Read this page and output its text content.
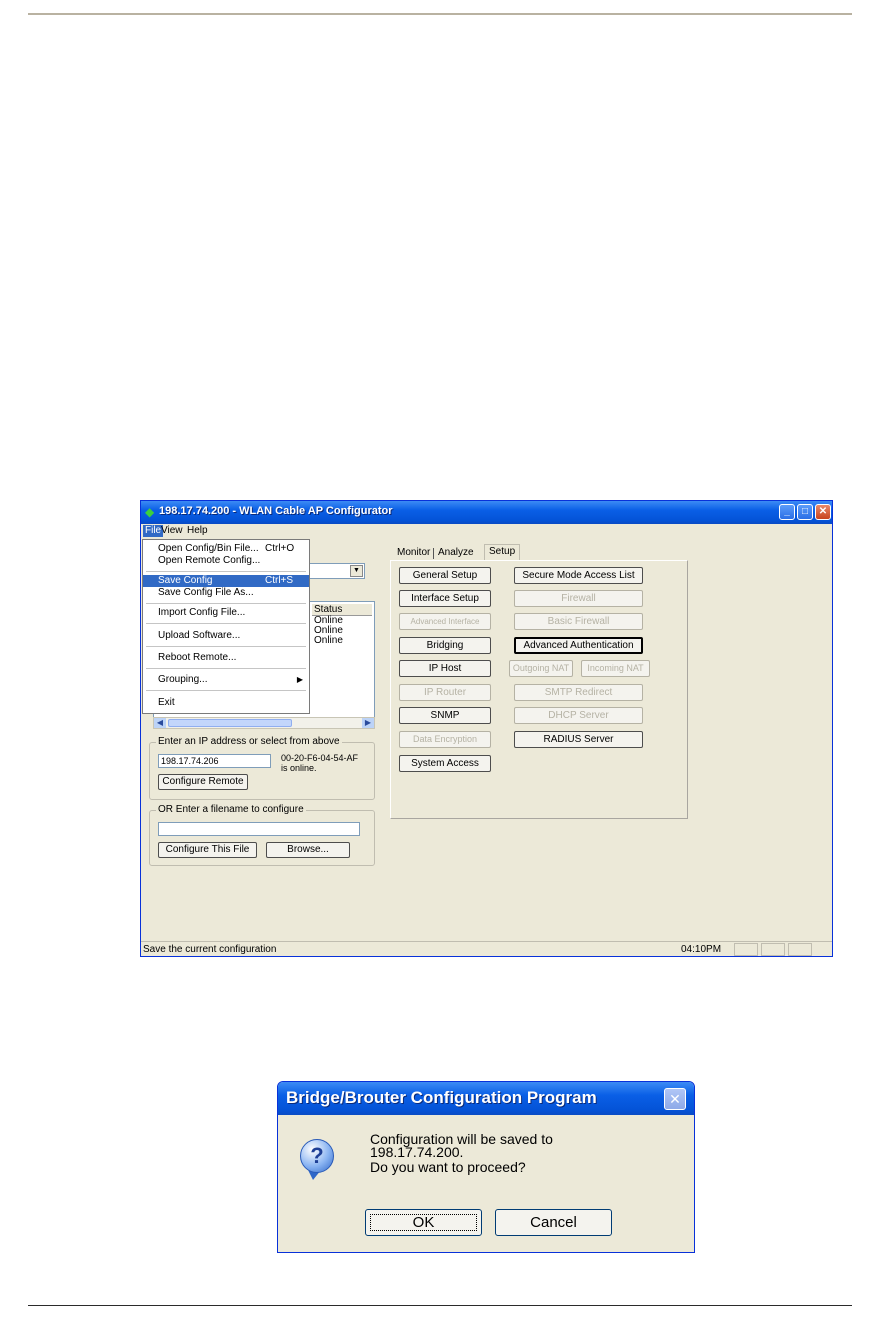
◆ 198.17.74.200 - WLAN Cable AP Configurator	_	□	✕
File View Help
▼
Status
Online
Online
Online
◀	▶
Enter an IP address or select from above
198.17.74.206	00-20-F6-04-54-AF
is online.
Configure Remote
OR Enter a filename to configure
Configure This File	Browse...
Monitor Analyze	Setup
General Setup
Interface Setup
Advanced Interface
Bridging
IP Host
IP Router
SNMP
Data Encryption
System Access
Secure Mode Access List
Firewall
Basic Firewall
Advanced Authentication
Outgoing NAT	Incoming NAT
SMTP Redirect
DHCP Server
RADIUS Server
Open Config/Bin File... Ctrl+O
Open Remote Config...
Save Config	Ctrl+S
Save Config File As...
Import Config File...
Upload Software...
Reboot Remote...
Grouping...	▶
Exit
Save the current configuration	04:10PM
Bridge/Brouter Configuration Program	✕
?
Configuration will be saved to
198.17.74.200.
Do you want to proceed?
OK	Cancel
